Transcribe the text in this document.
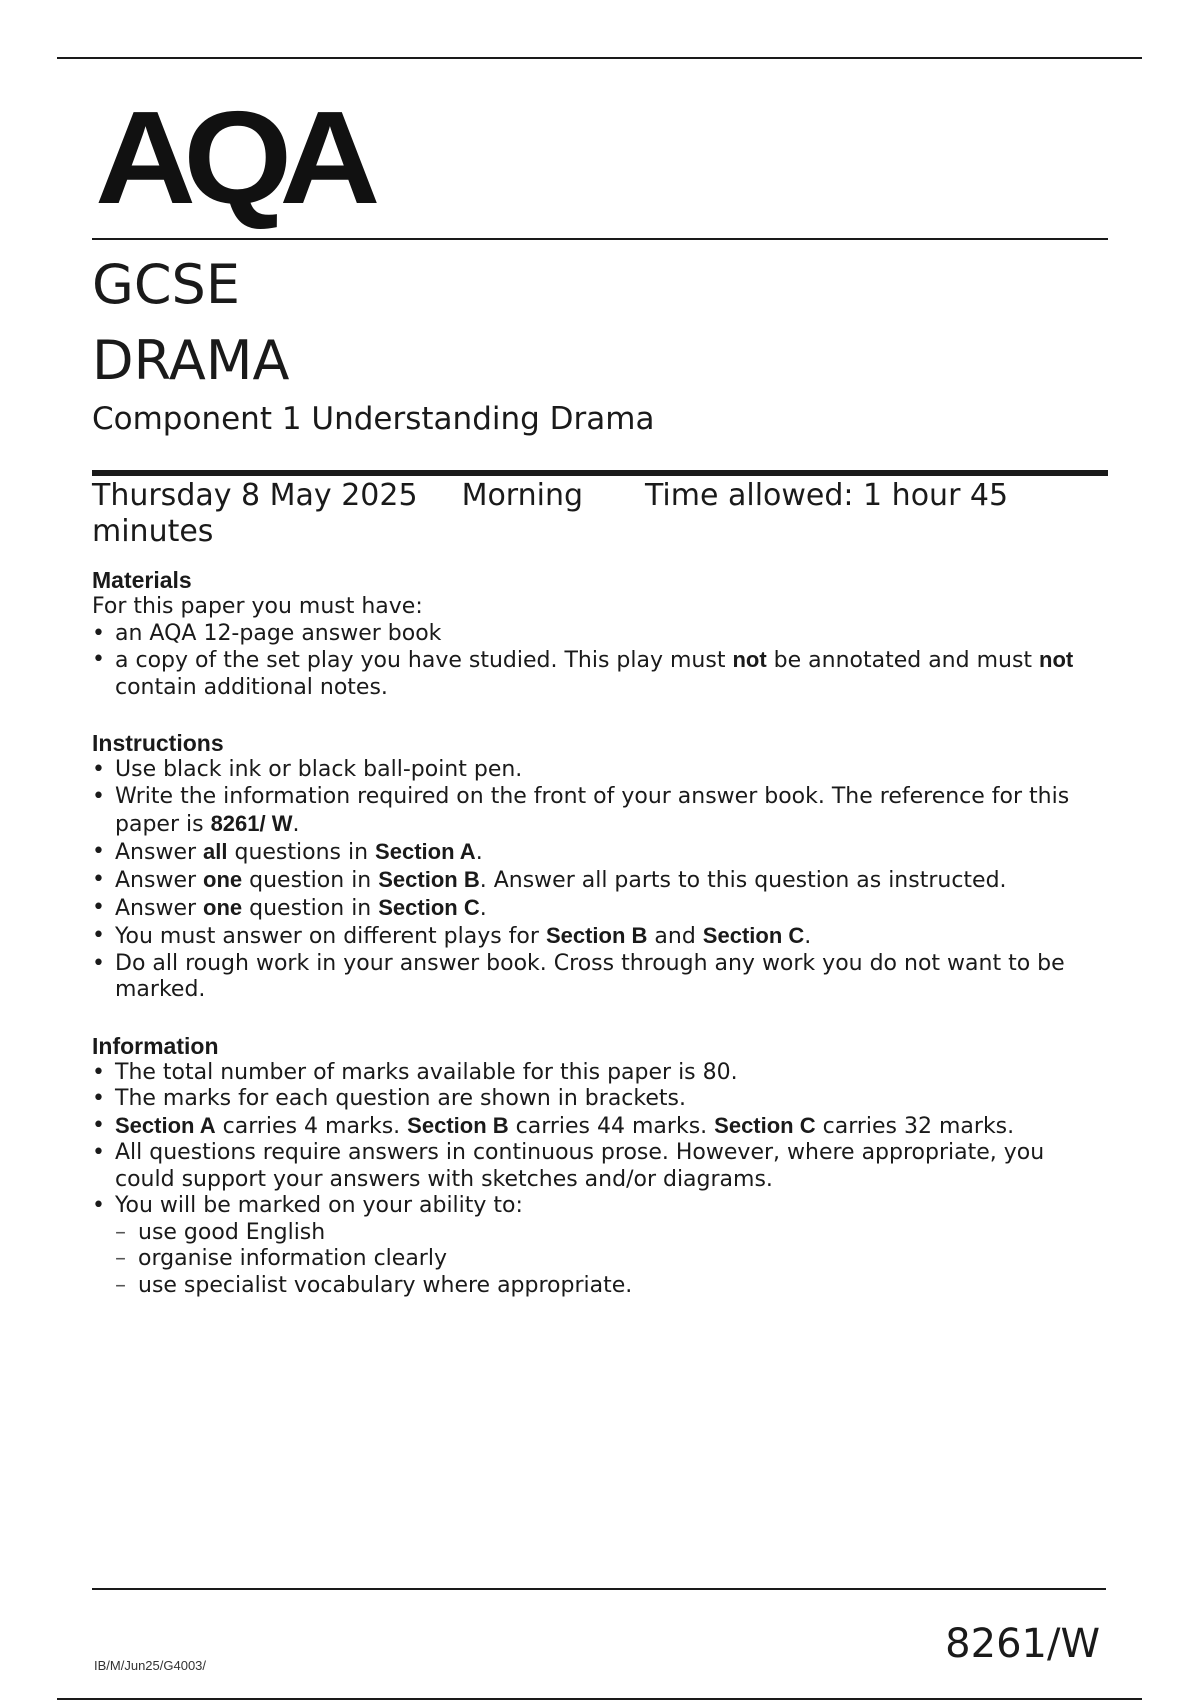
AQA
GCSE
DRAMA
Component 1 Understanding Drama
Thursday 8 May 2025 Morning Time allowed: 1 hour 45 minutes

Materials

For this paper you must have:

• an AQA 12-page answer book
• a copy of the set play you have studied. This play must not be annotated and must not contain additional notes.

Instructions

• Use black ink or black ball-point pen.
• Write the information required on the front of your answer book. The reference for this paper is 8261/ W.
• Answer all questions in Section A.
• Answer one question in Section B. Answer all parts to this question as instructed.
• Answer one question in Section C.
• You must answer on different plays for Section B and Section C.
• Do all rough work in your answer book. Cross through any work you do not want to be marked.

Information

• The total number of marks available for this paper is 80.
• The marks for each question are shown in brackets.
• Section A carries 4 marks. Section B carries 44 marks. Section C carries 32 marks.
• All questions require answers in continuous prose. However, where appropriate, you could support your answers with sketches and/or diagrams.
• You will be marked on your ability to:
– use good English
– organise information clearly
– use specialist vocabulary where appropriate.
IB/M/Jun25/G4003/	8261/W
